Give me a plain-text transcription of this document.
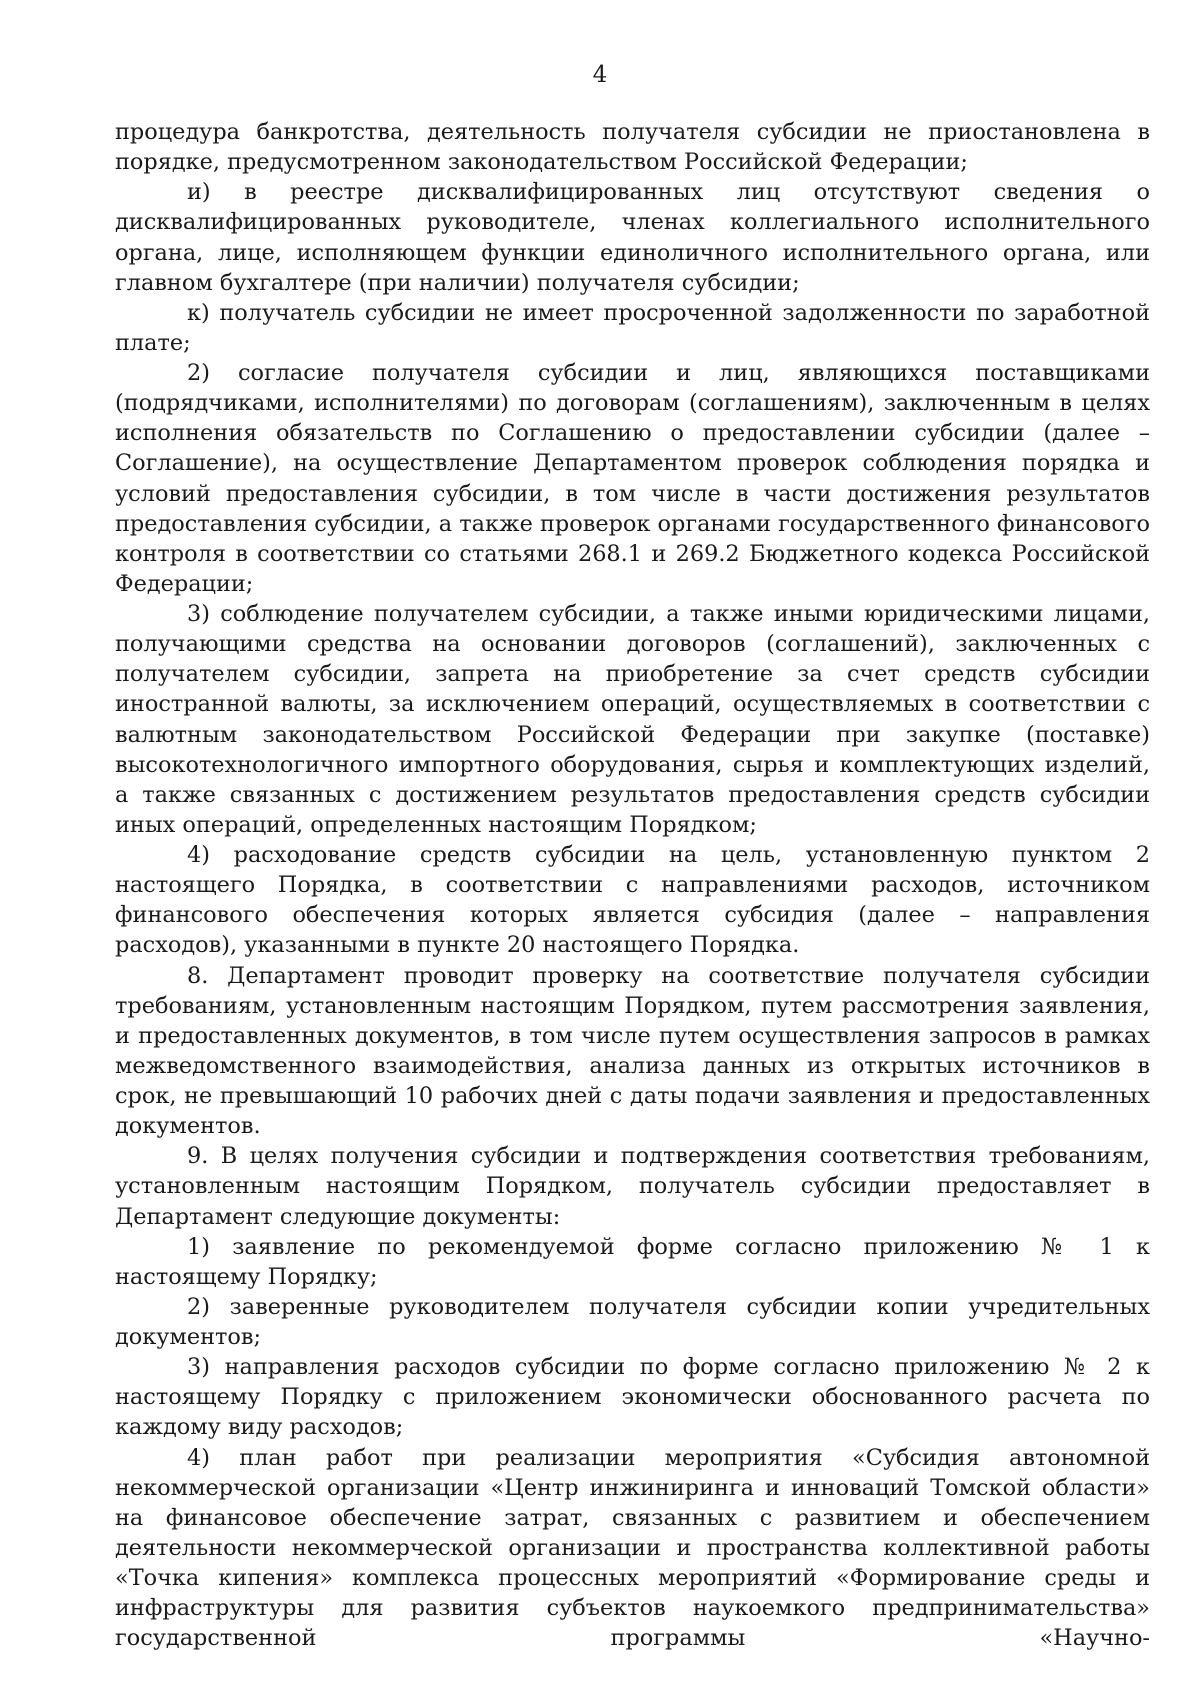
4

процедура банкротства, деятельность получателя субсидии не приостановлена в порядке, предусмотренном законодательством Российской Федерации;

и) в реестре дисквалифицированных лиц отсутствуют сведения о дисквалифицированных руководителе, членах коллегиального исполнительного органа, лице, исполняющем функции единоличного исполнительного органа, или главном бухгалтере (при наличии) получателя субсидии;

к) получатель субсидии не имеет просроченной задолженности по заработной плате;

2) согласие получателя субсидии и лиц, являющихся поставщиками (подрядчиками, исполнителями) по договорам (соглашениям), заключенным в целях исполнения обязательств по Соглашению о предоставлении субсидии (далее – Соглашение), на осуществление Департаментом проверок соблюдения порядка и условий предоставления субсидии, в том числе в части достижения результатов предоставления субсидии, а также проверок органами государственного финансового контроля в соответствии со статьями 268.1 и 269.2 Бюджетного кодекса Российской Федерации;

3) соблюдение получателем субсидии, а также иными юридическими лицами, получающими средства на основании договоров (соглашений), заключенных с получателем субсидии, запрета на приобретение за счет средств субсидии иностранной валюты, за исключением операций, осуществляемых в соответствии с валютным законодательством Российской Федерации при закупке (поставке) высокотехнологичного импортного оборудования, сырья и комплектующих изделий, а также связанных с достижением результатов предоставления средств субсидии иных операций, определенных настоящим Порядком;

4) расходование средств субсидии на цель, установленную пунктом 2 настоящего Порядка, в соответствии с направлениями расходов, источником финансового обеспечения которых является субсидия (далее – направления расходов), указанными в пункте 20 настоящего Порядка.

8. Департамент проводит проверку на соответствие получателя субсидии требованиям, установленным настоящим Порядком, путем рассмотрения заявления, и предоставленных документов, в том числе путем осуществления запросов в рамках межведомственного взаимодействия, анализа данных из открытых источников в срок, не превышающий 10 рабочих дней с даты подачи заявления и предоставленных документов.

9. В целях получения субсидии и подтверждения соответствия требованиям, установленным настоящим Порядком, получатель субсидии предоставляет в Департамент следующие документы:

1) заявление по рекомендуемой форме согласно приложению № 1 к настоящему Порядку;

2) заверенные руководителем получателя субсидии копии учредительных документов;

3) направления расходов субсидии по форме согласно приложению № 2 к настоящему Порядку с приложением экономически обоснованного расчета по каждому виду расходов;

4) план работ при реализации мероприятия «Субсидия автономной некоммерческой организации «Центр инжиниринга и инноваций Томской области» на финансовое обеспечение затрат, связанных с развитием и обеспечением деятельности некоммерческой организации и пространства коллективной работы «Точка кипения» комплекса процессных мероприятий «Формирование среды и инфраструктуры для развития субъектов наукоемкого предпринимательства» государственной программы «Научно-
